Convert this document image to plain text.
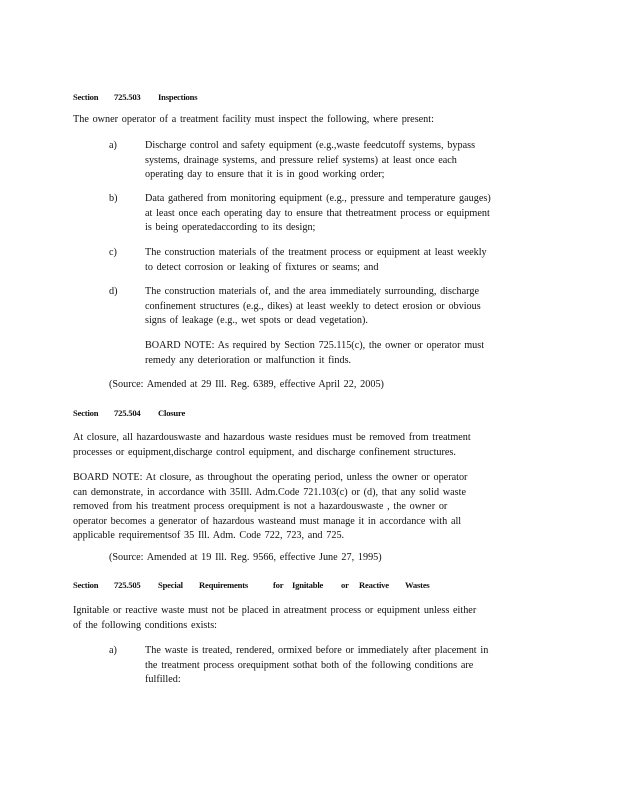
Section 725.503 Inspections
The owner operator of a treatment facility must inspect the following, where present:
a)	Discharge control and safety equipment (e.g.,waste feedcutoff systems, bypass
systems, drainage systems, and pressure relief systems) at least once each
operating day to ensure that it is in good working order;
b)	Data gathered from monitoring equipment (e.g., pressure and temperature gauges)
at least once each operating day to ensure that thetreatment process or equipment
is being operatedaccording to its design;
c)	The construction materials of the treatment process or equipment at least weekly
to detect corrosion or leaking of fixtures or seams; and
d)	The construction materials of, and the area immediately surrounding, discharge
confinement structures (e.g., dikes) at least weekly to detect erosion or obvious
signs of leakage (e.g., wet spots or dead vegetation).
BOARD NOTE: As required by Section 725.115(c), the owner or operator must
remedy any deterioration or malfunction it finds.
(Source: Amended at 29 Ill. Reg. 6389, effective April 22, 2005)
Section 725.504 Closure
At closure, all hazardouswaste and hazardous waste residues must be removed from treatment
processes or equipment,discharge control equipment, and discharge confinement structures.
BOARD NOTE: At closure, as throughout the operating period, unless the owner or operator
can demonstrate, in accordance with 35Ill. Adm.Code 721.103(c) or (d), that any solid waste
removed from his treatment process orequipment is not a hazardouswaste , the owner or
operator becomes a generator of hazardous wasteand must manage it in accordance with all
applicable requirementsof 35 Ill. Adm. Code 722, 723, and 725.
(Source: Amended at 19 Ill. Reg. 9566, effective June 27, 1995)
Section 725.505 Special Requirements	for Ignitable or Reactive Wastes
Ignitable or reactive waste must not be placed in atreatment process or equipment unless either
of the following conditions exists:
a)	The waste is treated, rendered, ormixed before or immediately after placement in
the treatment process orequipment sothat both of the following conditions are
fulfilled:
